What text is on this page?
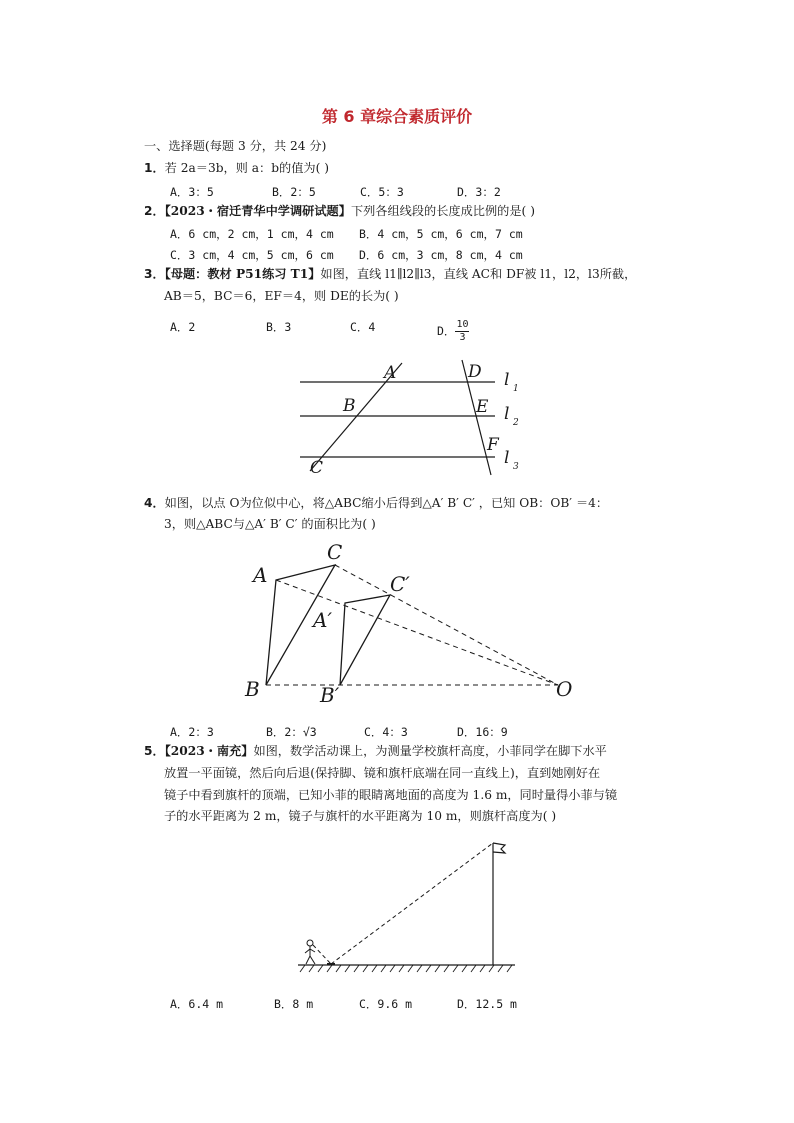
第 6 章综合素质评价
一、选择题(每题 3 分，共 24 分)
1．若 2a＝3b，则 a：b的值为( )
A．3：5	B．2：5	C．5：3	D．3：2
2．【2023・宿迁青华中学调研试题】下列各组线段的长度成比例的是( )
A．6 cm，2 cm，1 cm，4 cm B．4 cm，5 cm，6 cm，7 cm
C．3 cm，4 cm，5 cm，6 cm D．6 cm，3 cm，8 cm，4 cm
3．【母题：教材 P51练习 T1】如图，直线 l1∥l2∥l3，直线 AC和 DF被 l1，l2，l3所截，
AB＝5，BC＝6，EF＝4，则 DE的长为( )
A．2	B．3	C．4	D． $\frac{10}{3}$
A
B
C
D
E
F
l 1
l 2
l 3
4．如图，以点 O为位似中心，将△ABC缩小后得到△A′ B′ C′ ，已知 OB：OB′ ＝4：
3，则△ABC与△A′ B′ C′ 的面积比为( )
A
C
B
C′
A′
B′	O
A．2：3	B．2：√3	C．4：3	D．16：9
5．【2023・南充】如图，数学活动课上，为测量学校旗杆高度，小菲同学在脚下水平
放置一平面镜，然后向后退(保持脚、镜和旗杆底端在同一直线上)，直到她刚好在
镜子中看到旗杆的顶端，已知小菲的眼睛离地面的高度为 1.6 m，同时量得小菲与镜
子的水平距离为 2 m，镜子与旗杆的水平距离为 10 m，则旗杆高度为( )
A．6.4 m	B．8 m	C．9.6 m	D．12.5 m
